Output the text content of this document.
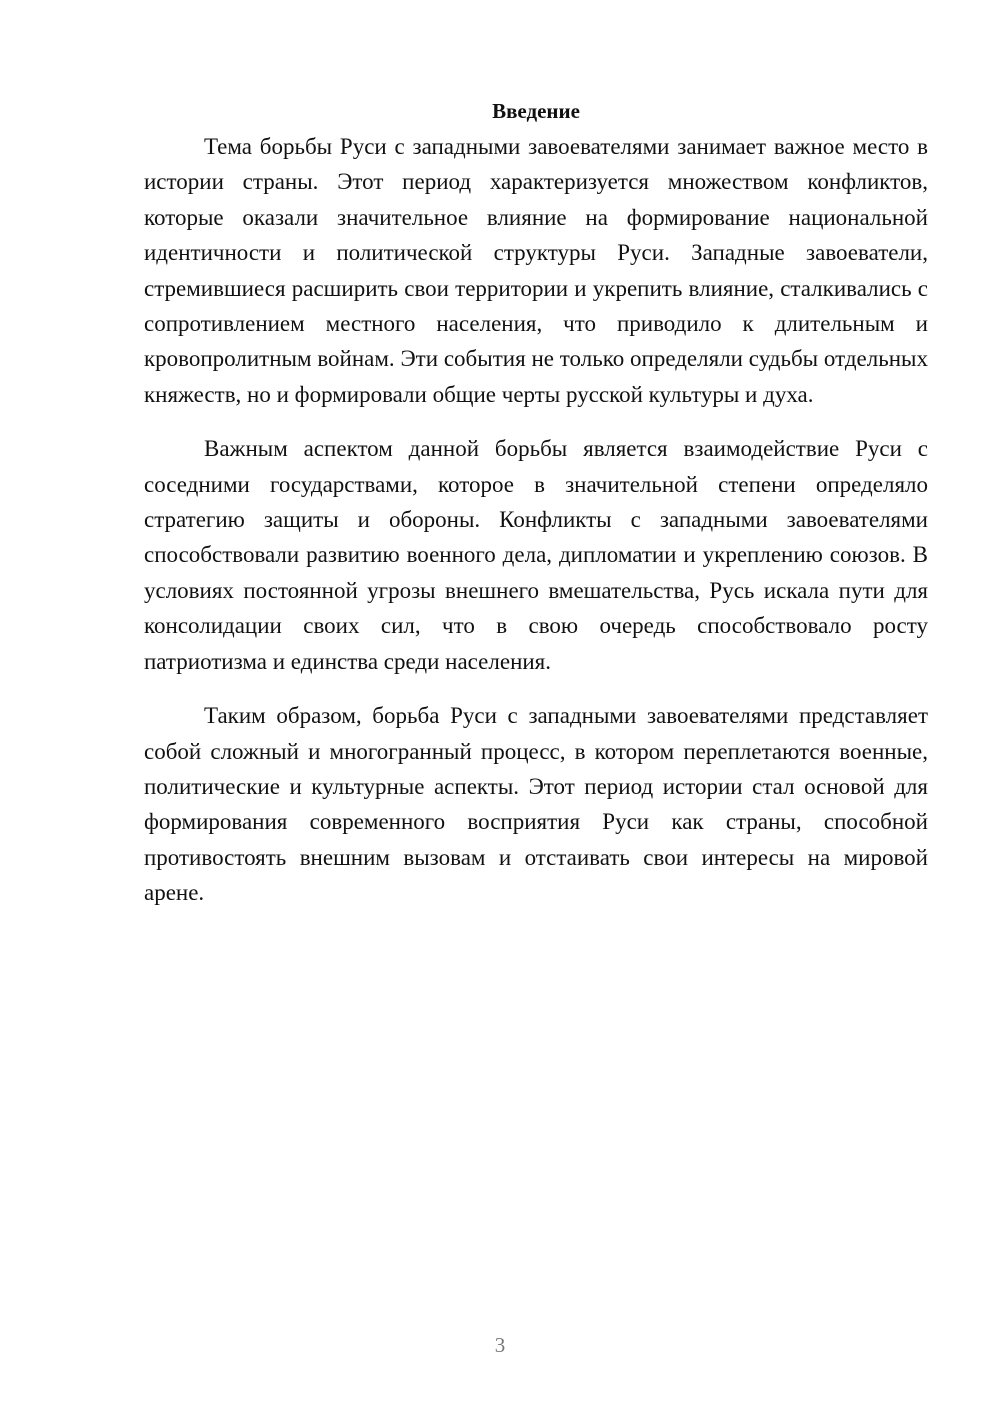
Введение

Тема борьбы Руси с западными завоевателями занимает важное место в истории страны. Этот период характеризуется множеством конфликтов, которые оказали значительное влияние на формирование национальной идентичности и политической структуры Руси. Западные завоеватели, стремившиеся расширить свои территории и укрепить влияние, сталкивались с сопротивлением местного населения, что приводило к длительным и кровопролитным войнам. Эти события не только определяли судьбы отдельных княжеств, но и формировали общие черты русской культуры и духа.

Важным аспектом данной борьбы является взаимодействие Руси с соседними государствами, которое в значительной степени определяло стратегию защиты и обороны. Конфликты с западными завоевателями способствовали развитию военного дела, дипломатии и укреплению союзов. В условиях постоянной угрозы внешнего вмешательства, Русь искала пути для консолидации своих сил, что в свою очередь способствовало росту патриотизма и единства среди населения.

Таким образом, борьба Руси с западными завоевателями представляет собой сложный и многогранный процесс, в котором переплетаются военные, политические и культурные аспекты. Этот период истории стал основой для формирования современного восприятия Руси как страны, способной противостоять внешним вызовам и отстаивать свои интересы на мировой арене.

3
